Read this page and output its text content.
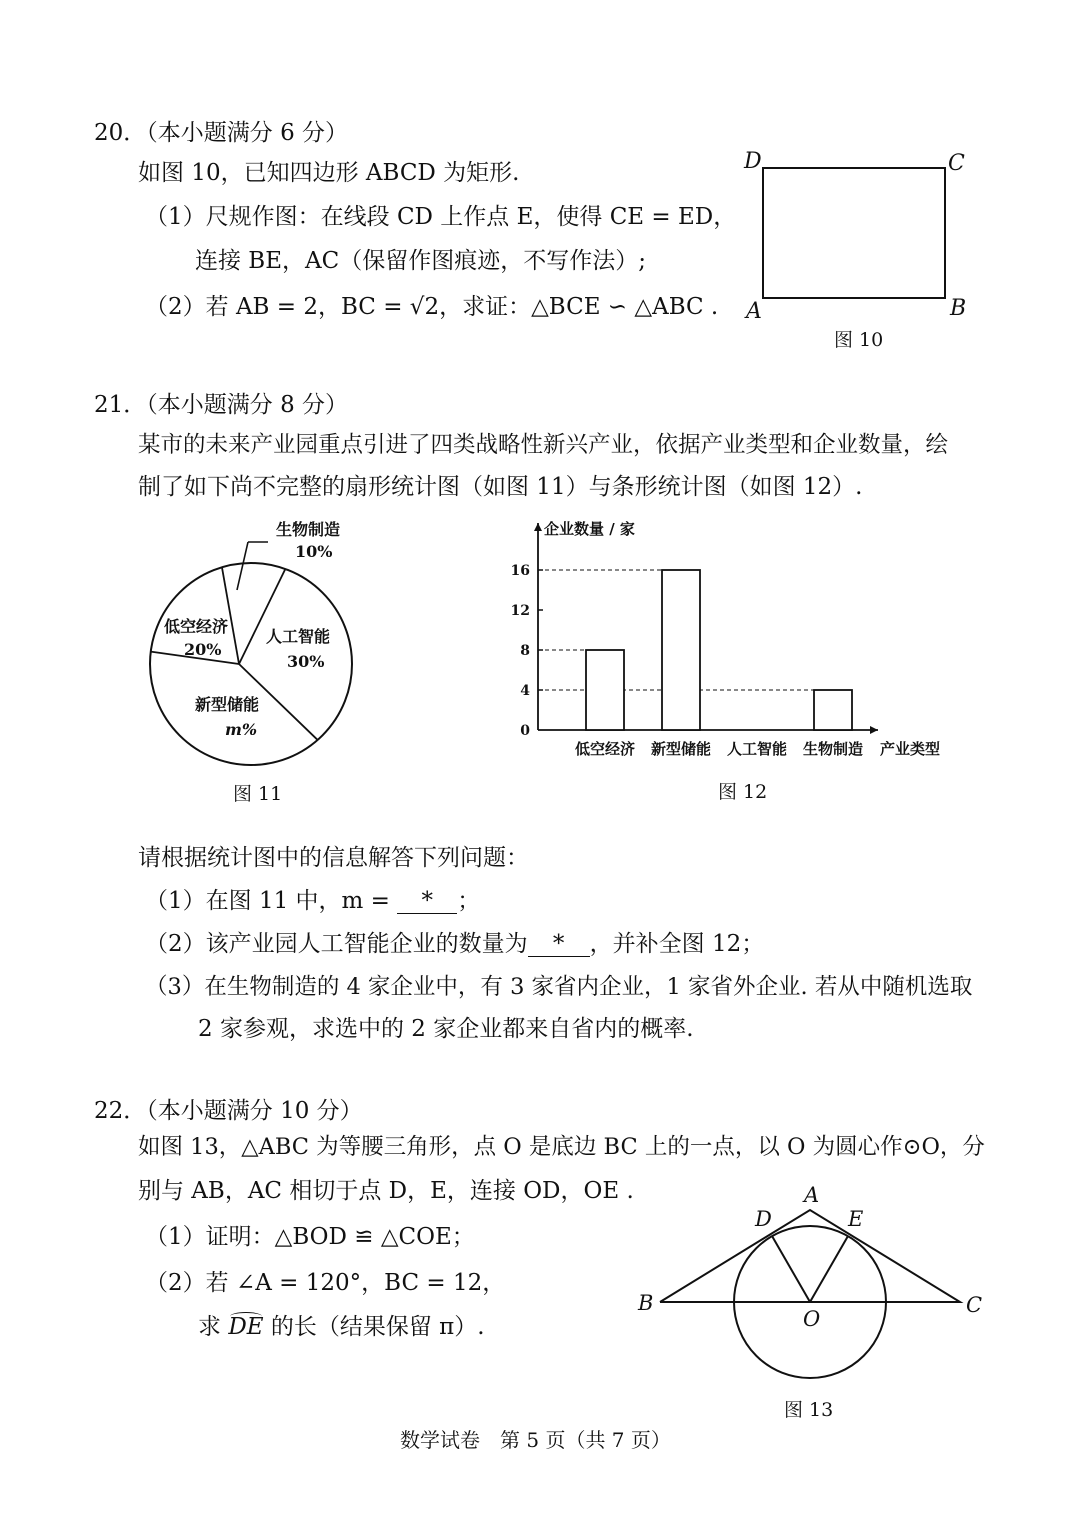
20．（本小题满分 6 分）
如图 10，已知四边形 ABCD 为矩形.
（1）尺规作图：在线段 CD 上作点 E，使得 CE = ED，
连接 BE，AC（保留作图痕迹，不写作法）;
（2）若 AB = 2，BC = √2，求证：△BCE ∽ △ABC .
D	C
A	B
图 10
21．（本小题满分 8 分）
某市的未来产业园重点引进了四类战略性新兴产业，依据产业类型和企业数量，绘
制了如下尚不完整的扇形统计图（如图 11）与条形统计图（如图 12）.
生物制造
10%
人工智能
30%
新型储能
m%
低空经济
20%
图 11
企业数量 / 家
0
4
8
12
16
低空经济 新型储能 人工智能 生物制造 产业类型
图 12
请根据统计图中的信息解答下列问题：
（1）在图 11 中，m = * ；
（2）该产业园人工智能企业的数量为 * ，并补全图 12；
（3）在生物制造的 4 家企业中，有 3 家省内企业，1 家省外企业. 若从中随机选取
2 家参观，求选中的 2 家企业都来自省内的概率.
22．（本小题满分 10 分）
如图 13，△ABC 为等腰三角形，点 O 是底边 BC 上的一点，以 O 为圆心作⊙O，分
别与 AB，AC 相切于点 D，E，连接 OD，OE .
（1）证明：△BOD ≌ △COE；
（2）若 ∠A = 120°，BC = 12，
求
DE 的长（结果保留 π）.
A
D	E
B	C
O
图 13
数学试卷　第 5 页（共 7 页）
